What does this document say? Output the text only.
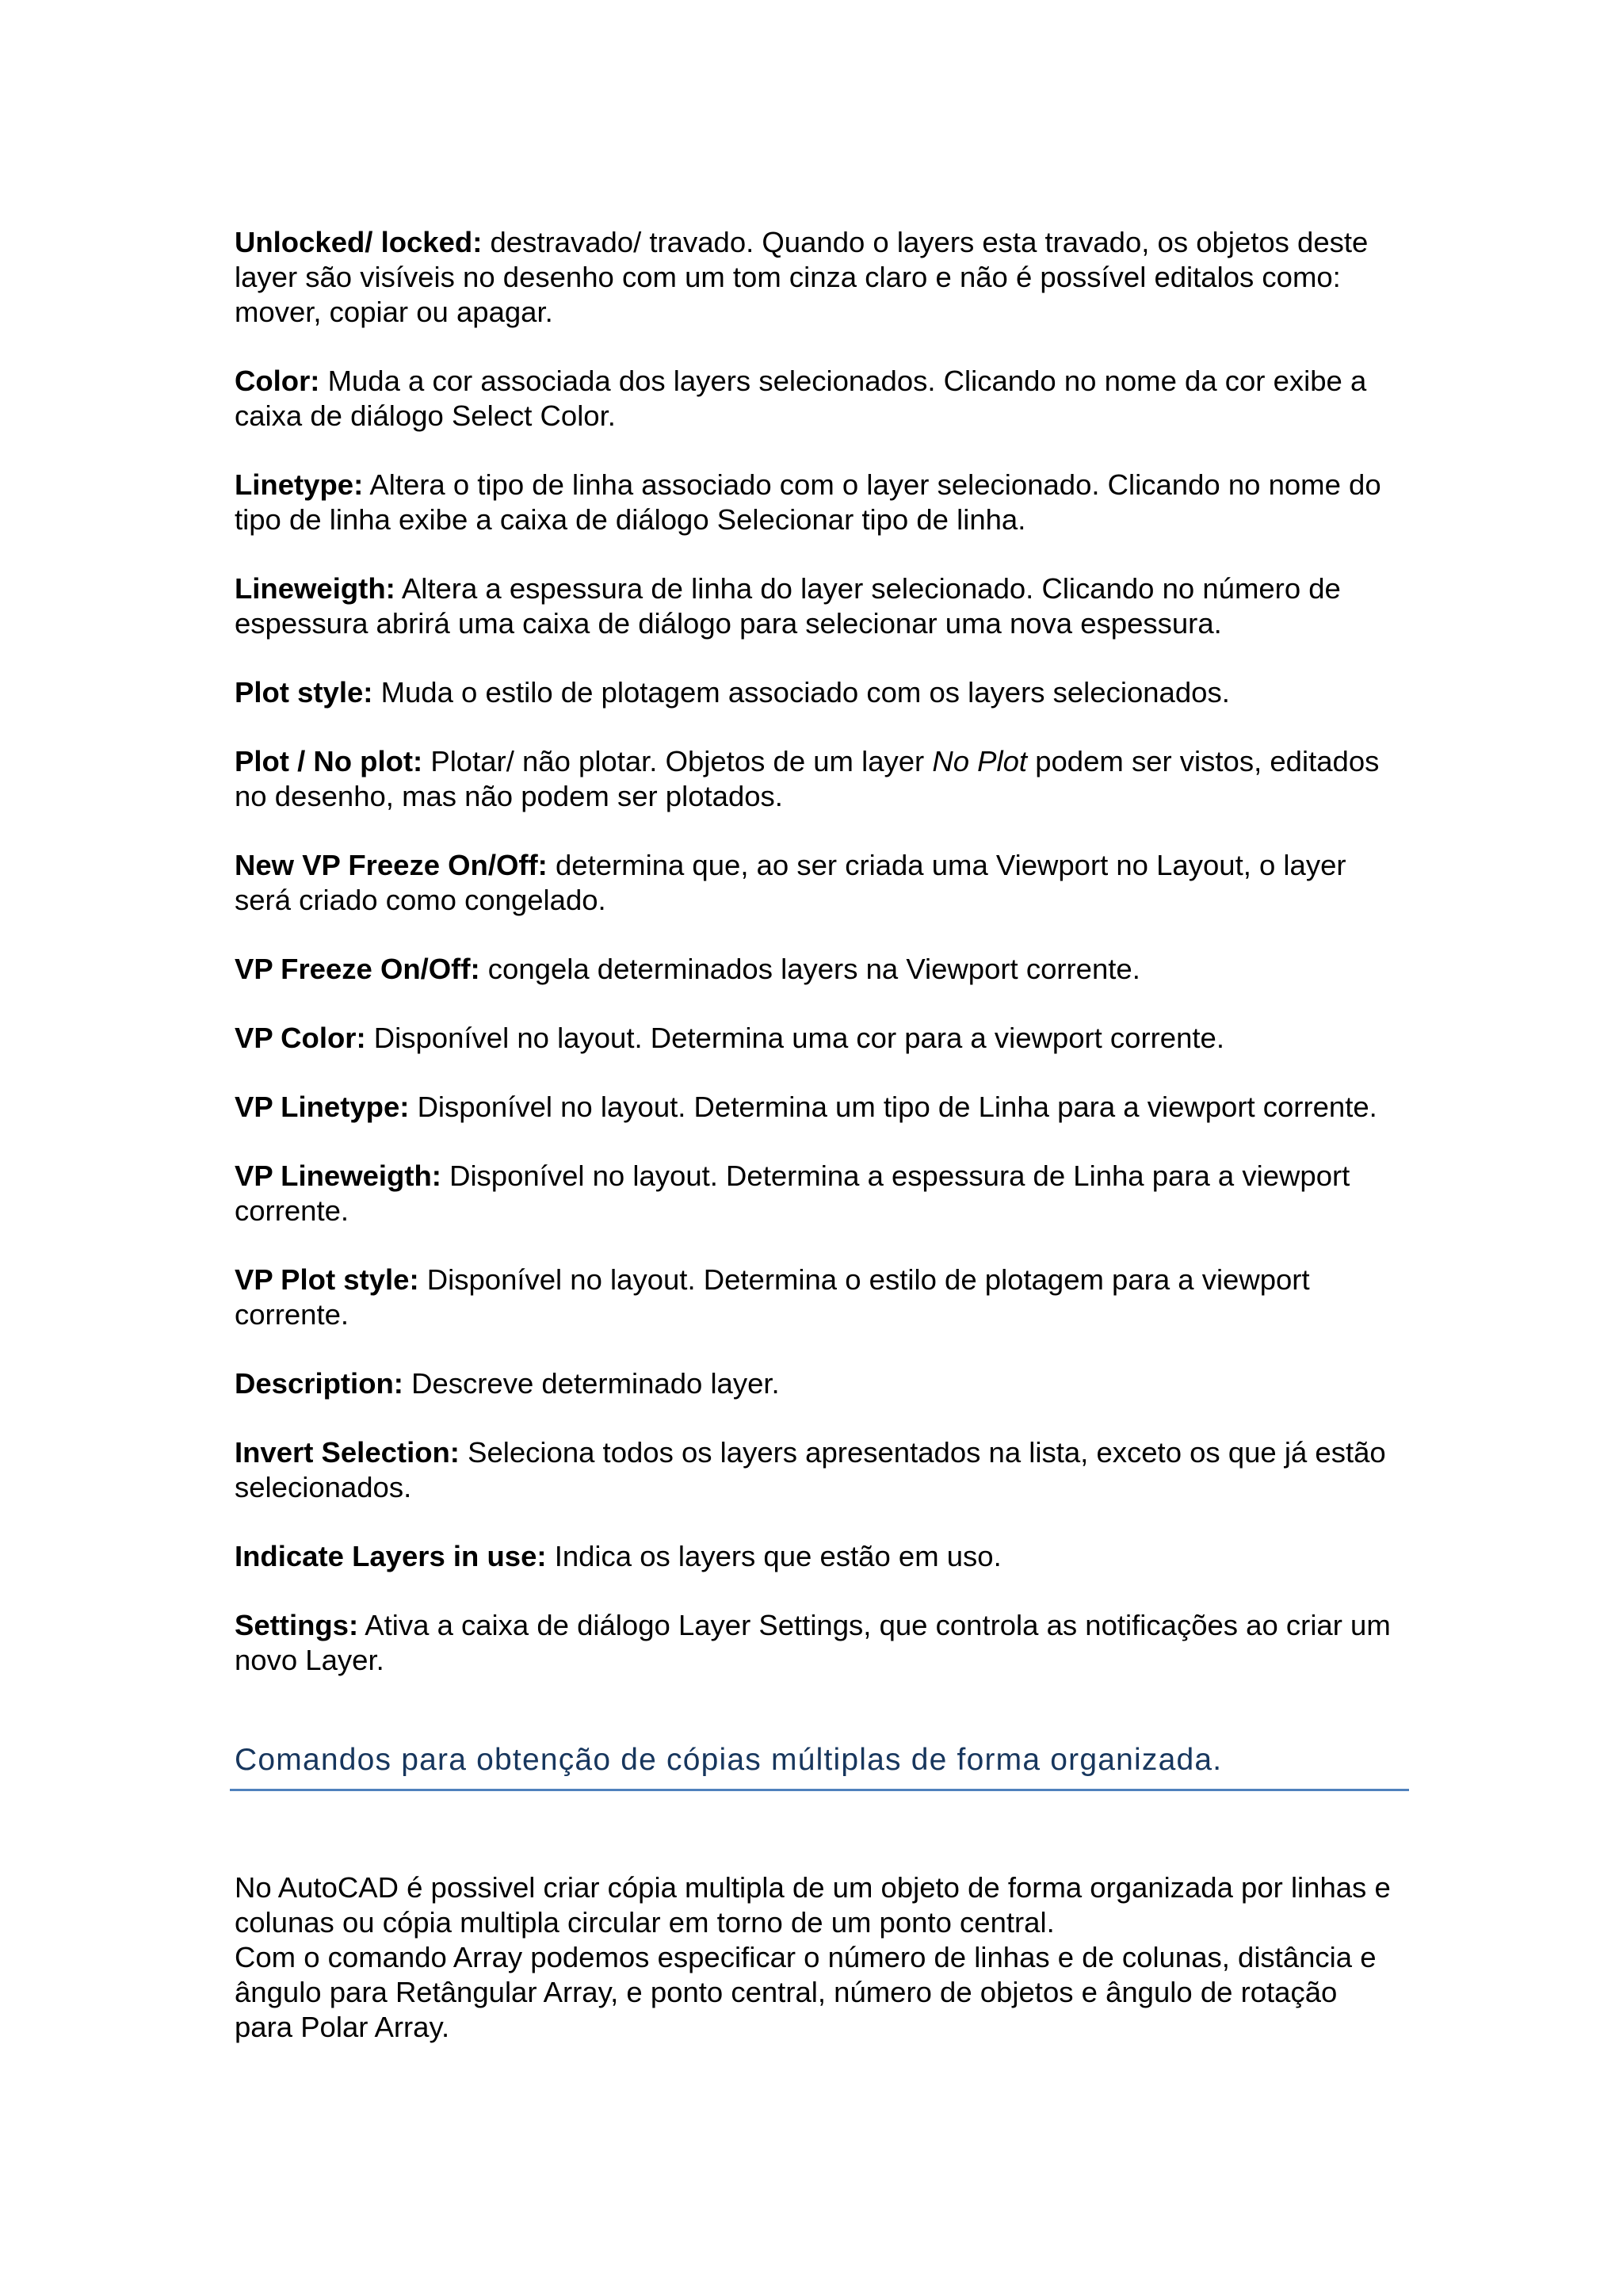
Unlocked/ locked: destravado/ travado. Quando o layers esta travado, os objetos deste layer são visíveis no desenho com um tom cinza claro e não é possível editalos como: mover, copiar ou apagar.

Color: Muda a cor associada dos layers selecionados. Clicando no nome da cor exibe a caixa de diálogo Select Color.

Linetype: Altera o tipo de linha associado com o layer selecionado. Clicando no nome do tipo de linha exibe a caixa de diálogo Selecionar tipo de linha.

Lineweigth: Altera a espessura de linha do layer selecionado. Clicando no número de espessura abrirá uma caixa de diálogo para selecionar uma nova espessura.

Plot style: Muda o estilo de plotagem associado com os layers selecionados.

Plot / No plot: Plotar/ não plotar. Objetos de um layer No Plot podem ser vistos, editados no desenho, mas não podem ser plotados.

New VP Freeze On/Off: determina que, ao ser criada uma Viewport no Layout, o layer será criado como congelado.

VP Freeze On/Off: congela determinados layers na Viewport corrente.

VP Color: Disponível no layout. Determina uma cor para a viewport corrente.

VP Linetype: Disponível no layout. Determina um tipo de Linha para a viewport corrente.

VP Lineweigth: Disponível no layout. Determina a espessura de Linha para a viewport corrente.

VP Plot style: Disponível no layout. Determina o estilo de plotagem para a viewport corrente.

Description: Descreve determinado layer.

Invert Selection: Seleciona todos os layers apresentados na lista, exceto os que já estão selecionados.

Indicate Layers in use: Indica os layers que estão em uso.

Settings: Ativa a caixa de diálogo Layer Settings, que controla as notificações ao criar um novo Layer.

Comandos para obtenção de cópias múltiplas de forma organizada.

No AutoCAD é possivel criar cópia multipla de um objeto de forma organizada por linhas e colunas ou cópia multipla circular em torno de um ponto central.

Com o comando Array podemos especificar o número de linhas e de colunas, distância e ângulo para Retângular Array, e ponto central, número de objetos e ângulo de rotação para Polar Array.
